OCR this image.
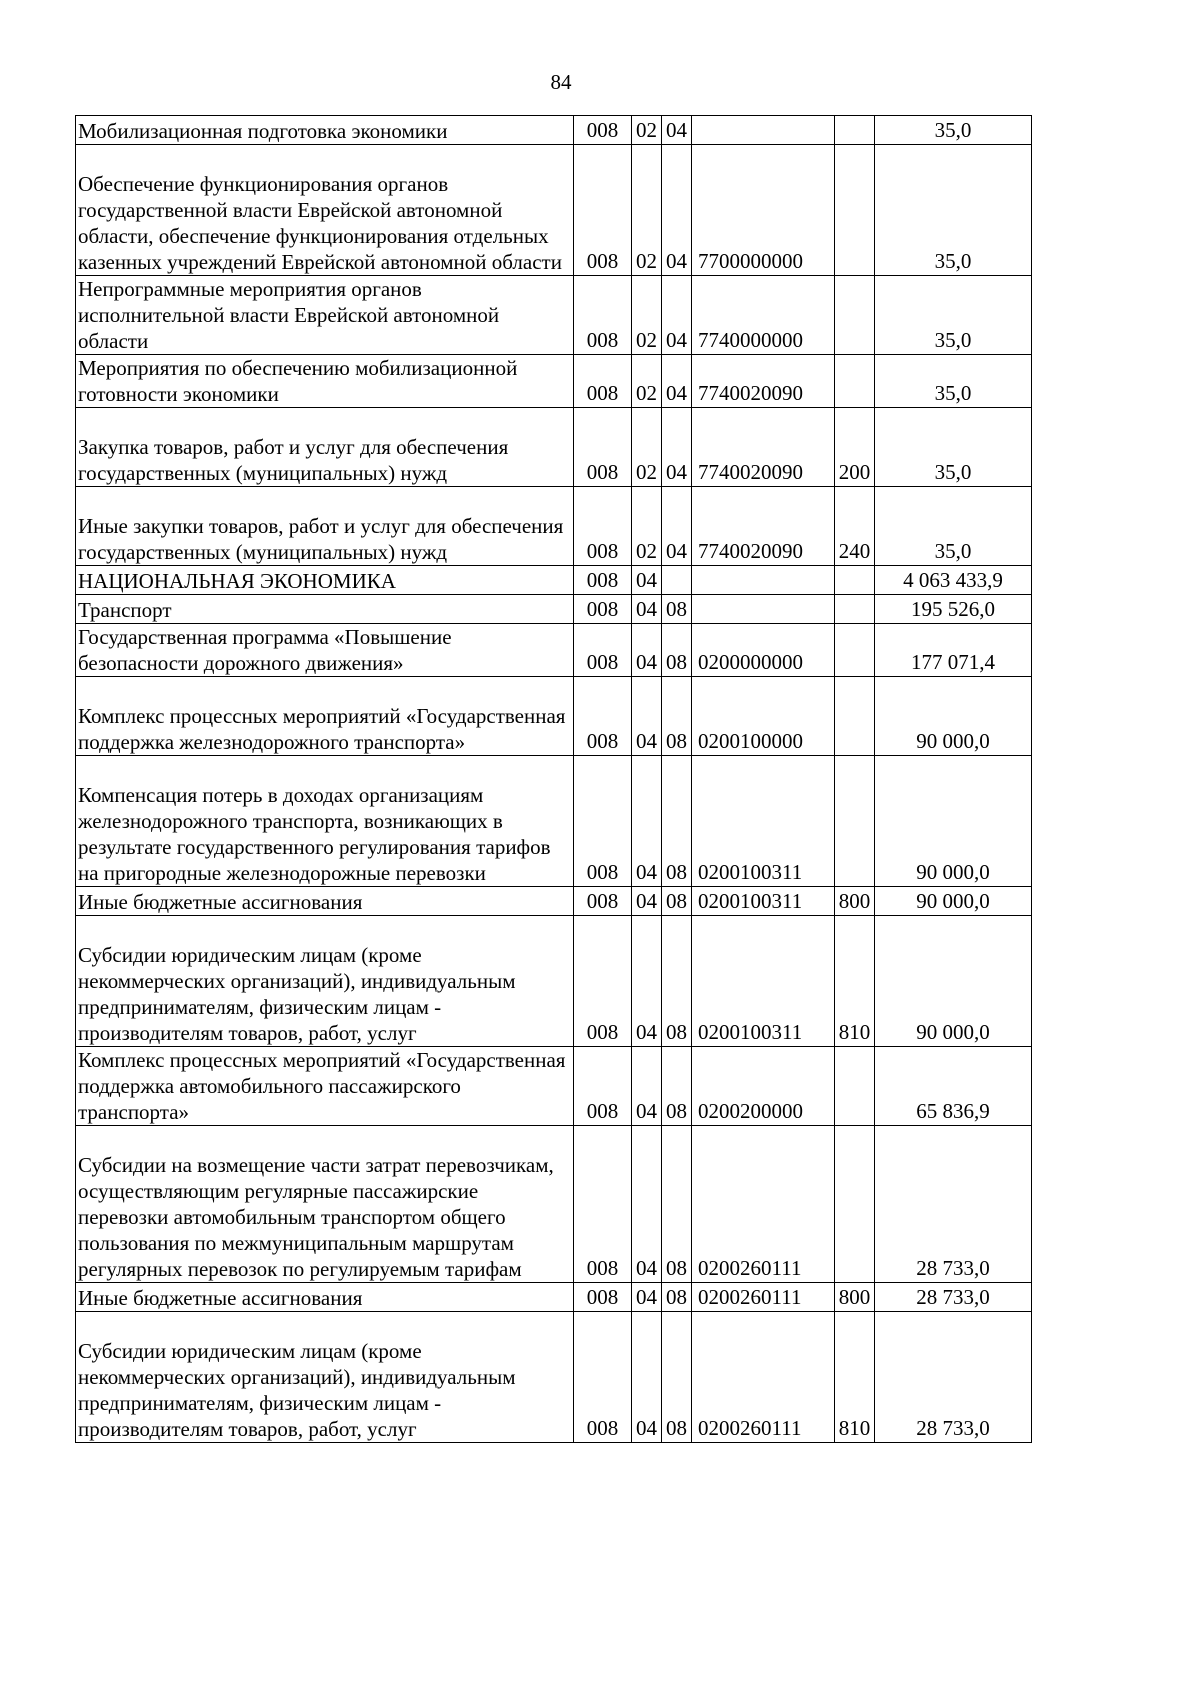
84
Мобилизационная подготовка экономики	008	02	04			35,0
Обеспечение функционирования органов государственной власти Еврейской автономной области, обеспечение функционирования отдельных казенных учреждений Еврейской автономной области	008	02	04	7700000000		35,0
Непрограммные мероприятия органов исполнительной власти Еврейской автономной области	008	02	04	7740000000		35,0
Мероприятия по обеспечению мобилизационной готовности экономики	008	02	04	7740020090		35,0
Закупка товаров, работ и услуг для обеспечения государственных (муниципальных) нужд	008	02	04	7740020090	200	35,0
Иные закупки товаров, работ и услуг для обеспечения государственных (муниципальных) нужд	008	02	04	7740020090	240	35,0
НАЦИОНАЛЬНАЯ ЭКОНОМИКА	008	04				4 063 433,9
Транспорт	008	04	08			195 526,0
Государственная программа «Повышение безопасности дорожного движения»	008	04	08	0200000000		177 071,4
Комплекс процессных мероприятий «Государственная поддержка железнодорожного транспорта»	008	04	08	0200100000		90 000,0
Компенсация потерь в доходах организациям железнодорожного транспорта, возникающих в результате государственного регулирования тарифов на пригородные железнодорожные перевозки	008	04	08	0200100311		90 000,0
Иные бюджетные ассигнования	008	04	08	0200100311	800	90 000,0
Субсидии юридическим лицам (кроме некоммерческих организаций), индивидуальным предпринимателям, физическим лицам - производителям товаров, работ, услуг	008	04	08	0200100311	810	90 000,0
Комплекс процессных мероприятий «Государственная поддержка автомобильного пассажирского транспорта»	008	04	08	0200200000		65 836,9
Субсидии на возмещение части затрат перевозчикам, осуществляющим регулярные пассажирские перевозки автомобильным транспортом общего пользования по межмуниципальным маршрутам регулярных перевозок по регулируемым тарифам	008	04	08	0200260111		28 733,0
Иные бюджетные ассигнования	008	04	08	0200260111	800	28 733,0
Субсидии юридическим лицам (кроме некоммерческих организаций), индивидуальным предпринимателям, физическим лицам - производителям товаров, работ, услуг	008	04	08	0200260111	810	28 733,0
